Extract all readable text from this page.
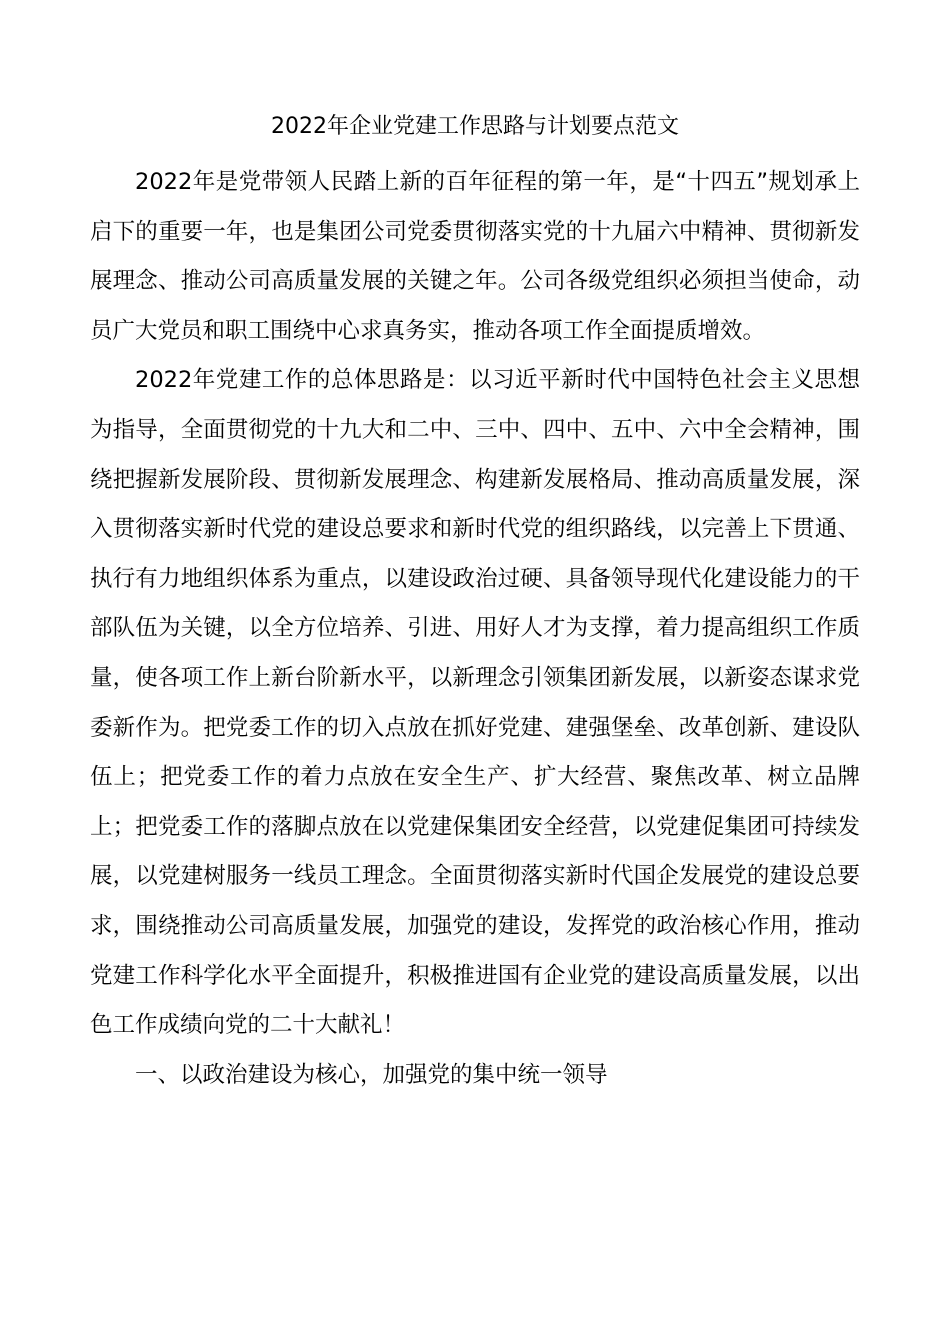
2022年企业党建工作思路与计划要点范文

2022年是党带领人民踏上新的百年征程的第一年，是“十四五”规划承上启下的重要一年，也是集团公司党委贯彻落实党的十九届六中精神、贯彻新发展理念、推动公司高质量发展的关键之年。公司各级党组织必须担当使命，动员广大党员和职工围绕中心求真务实，推动各项工作全面提质增效。

2022年党建工作的总体思路是：以习近平新时代中国特色社会主义思想为指导，全面贯彻党的十九大和二中、三中、四中、五中、六中全会精神，围绕把握新发展阶段、贯彻新发展理念、构建新发展格局、推动高质量发展，深入贯彻落实新时代党的建设总要求和新时代党的组织路线，以完善上下贯通、执行有力地组织体系为重点，以建设政治过硬、具备领导现代化建设能力的干部队伍为关键，以全方位培养、引进、用好人才为支撑，着力提高组织工作质量，使各项工作上新台阶新水平，以新理念引领集团新发展，以新姿态谋求党委新作为。把党委工作的切入点放在抓好党建、建强堡垒、改革创新、建设队伍上；把党委工作的着力点放在安全生产、扩大经营、聚焦改革、树立品牌上；把党委工作的落脚点放在以党建保集团安全经营，以党建促集团可持续发展，以党建树服务一线员工理念。全面贯彻落实新时代国企发展党的建设总要求，围绕推动公司高质量发展，加强党的建设，发挥党的政治核心作用，推动党建工作科学化水平全面提升，积极推进国有企业党的建设高质量发展，以出色工作成绩向党的二十大献礼！

一、以政治建设为核心，加强党的集中统一领导
